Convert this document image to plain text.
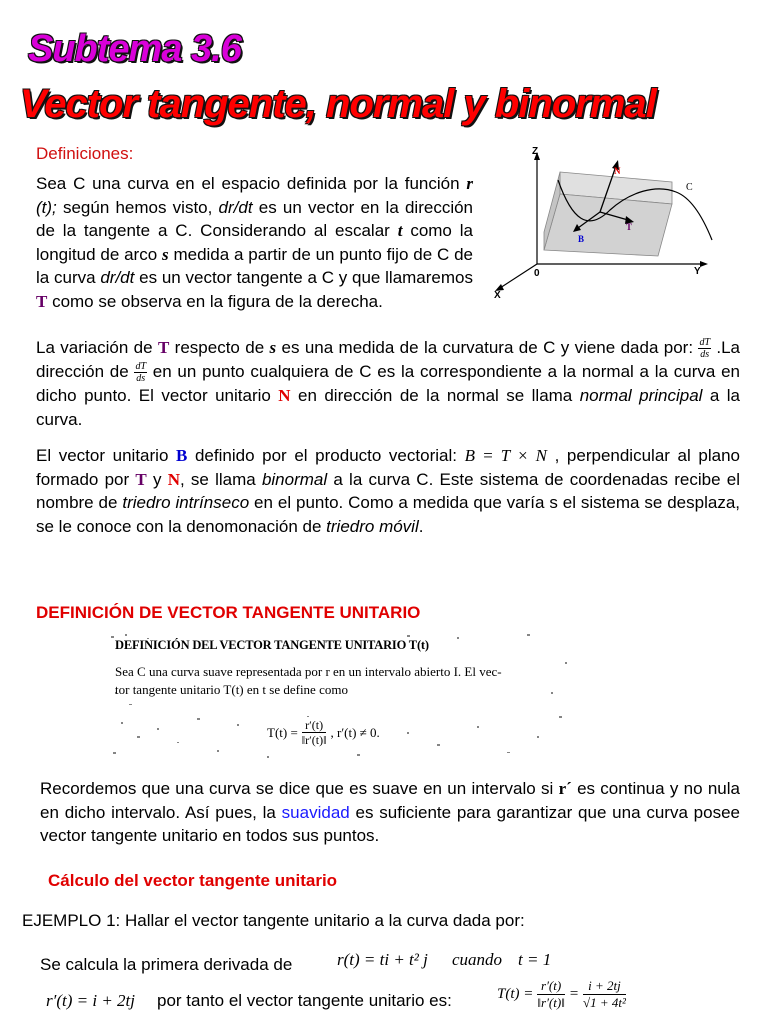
Subtema 3.6
Vector tangente, normal y binormal
Definiciones:
Sea C una curva en el espacio definida por la función r (t); según hemos visto, dr/dt es un vector en la dirección de la tangente a C. Considerando al escalar t como la longitud de arco s medida a partir de un punto fijo de C de la curva dr/dt es un vector tangente a C y que llamaremos T como se observa en la figura de la derecha.
Z
Y
X
0
C
N
T
B
La variación de T respecto de s es una medida de la curvatura de C y viene dada por: $\frac{dT}{ds} .La$ dirección de $\frac{dT}{ds}$ en un punto cualquiera de C es la correspondiente a la normal a la curva en dicho punto. El vector unitario N en dirección de la normal se llama normal principal a la curva.
El vector unitario B definido por el producto vectorial: B = T × N , perpendicular al plano formado por T y N, se llama binormal a la curva C. Este sistema de coordenadas recibe el nombre de triedro intrínseco en el punto. Como a medida que varía s el sistema se desplaza, se le conoce con la denomonación de triedro móvil.
DEFINICIÓN DE VECTOR TANGENTE UNITARIO
DEFINICIÓN DEL VECTOR TANGENTE UNITARIO T(t)
Sea C una curva suave representada por r en un intervalo abierto I. El vec-
tor tangente unitario T(t) en t se define como
$T(t) = \frac{r'(t)}{‖r'(t)‖}$ , r′(t) ≠ 0.
Recordemos que una curva se dice que es suave en un intervalo si r´ es continua y no nula en dicho intervalo. Así pues, la suavidad es suficiente para garantizar que una curva posee vector tangente unitario en todos sus puntos.
Cálculo del vector tangente unitario
EJEMPLO 1: Hallar el vector tangente unitario a la curva dada por:
Se calcula la primera derivada de	r(t) = ti + t² j cuando t = 1
r′(t) = i + 2tj por tanto el vector tangente unitario es:	$T(t) = \frac{r'(t)}{‖r'(t)‖} = \frac{i + 2tj}{\text{√1 + 4t²}}$
